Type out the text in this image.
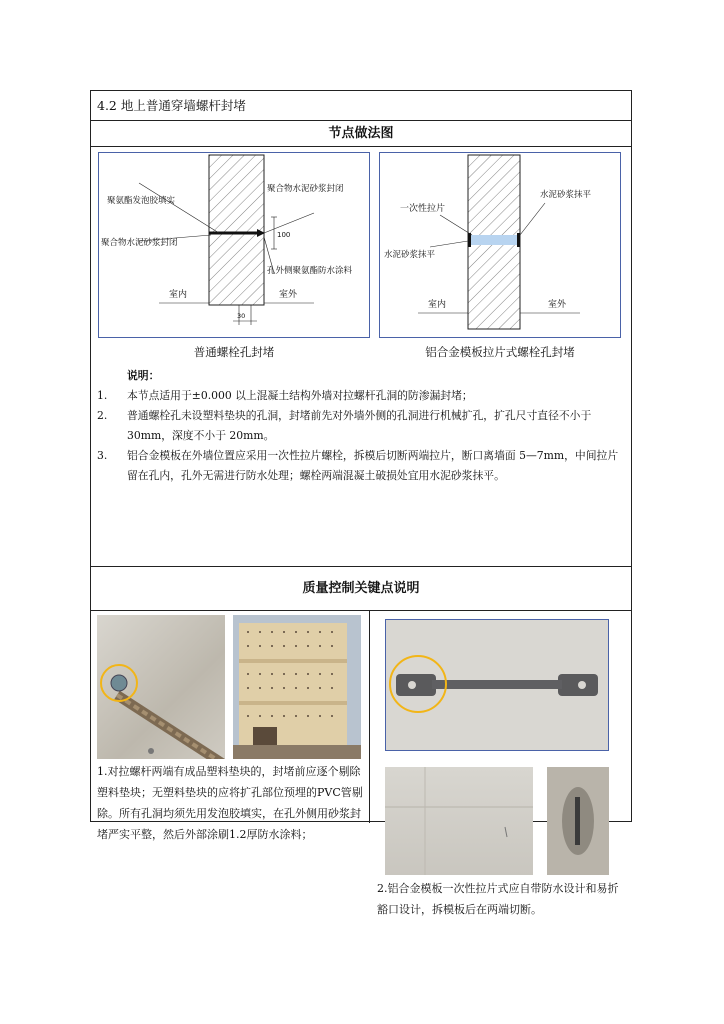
4.2 地上普通穿墙螺杆封堵
节点做法图
聚氨酯发泡胶填实
聚合物水泥砂浆封闭
聚合物水泥砂浆封闭
孔外侧聚氨酯防水涂料
100
30
室内	室外
普通螺栓孔封堵
一次性拉片
水泥砂浆抹平
水泥砂浆抹平
室内	室外
铝合金模板拉片式螺栓孔封堵
说明：
1.	本节点适用于±0.000 以上混凝土结构外墙对拉螺杆孔洞的防渗漏封堵；
2.	普通螺栓孔未设塑料垫块的孔洞，封堵前先对外墙外侧的孔洞进行机械扩孔，扩孔尺寸直径不小于 30mm，深度不小于 20mm。
3.	铝合金模板在外墙位置应采用一次性拉片螺栓，拆模后切断两端拉片，断口离墙面 5—7mm，中间拉片留在孔内，孔外无需进行防水处理；螺栓两端混凝土破损处宜用水泥砂浆抹平。
质量控制关键点说明
1.对拉螺杆两端有成品塑料垫块的，封堵前应逐个剔除塑料垫块；无塑料垫块的应将扩孔部位预埋的PVC管剔除。所有孔洞均须先用发泡胶填实，在孔外侧用砂浆封堵严实平整，然后外部涂刷1.2厚防水涂料；
2.铝合金模板一次性拉片式应自带防水设计和易折豁口设计，拆模板后在两端切断。
